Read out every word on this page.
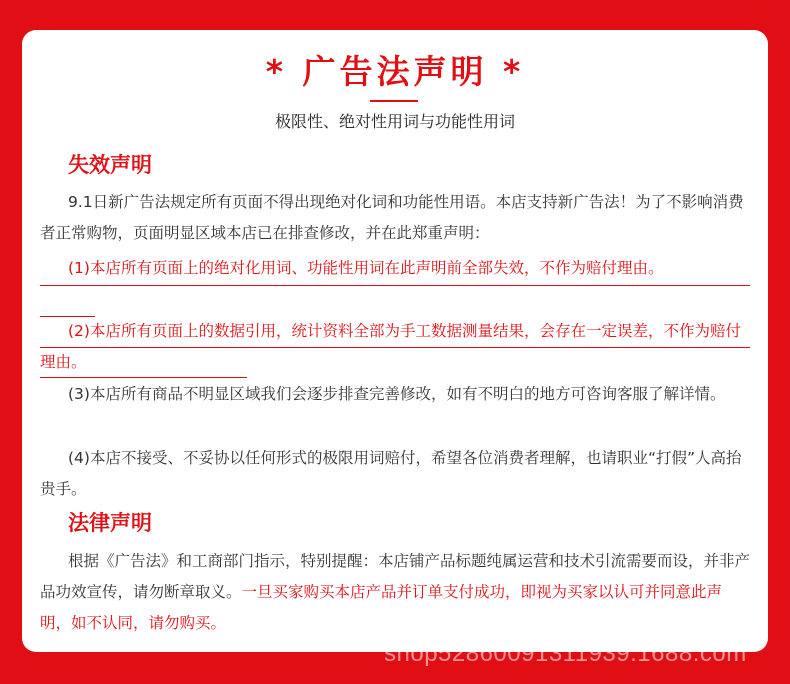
* 广告法声明 *
极限性、绝对性用词与功能性用词
失效声明
9.1日新广告法规定所有页面不得出现绝对化词和功能性用语。本店支持新广告法！为了不影响消费者正常购物，页面明显区域本店已在排查修改，并在此郑重声明：
(1)本店所有页面上的绝对化用词、功能性用词在此声明前全部失效，不作为赔付理由。
(2)本店所有页面上的数据引用，统计资料全部为手工数据测量结果，会存在一定误差，不作为赔付理由。
(3)本店所有商品不明显区域我们会逐步排查完善修改，如有不明白的地方可咨询客服了解详情。
(4)本店不接受、不妥协以任何形式的极限用词赔付，希望各位消费者理解，也请职业“打假”人高抬贵手。
法律声明
根据《广告法》和工商部门指示，特别提醒：本店铺产品标题纯属运营和技术引流需要而设，并非产品功效宣传，请勿断章取义。一旦买家购买本店产品并订单支付成功，即视为买家以认可并同意此声明，如不认同，请勿购买。
shop52860091311939.1688.com
